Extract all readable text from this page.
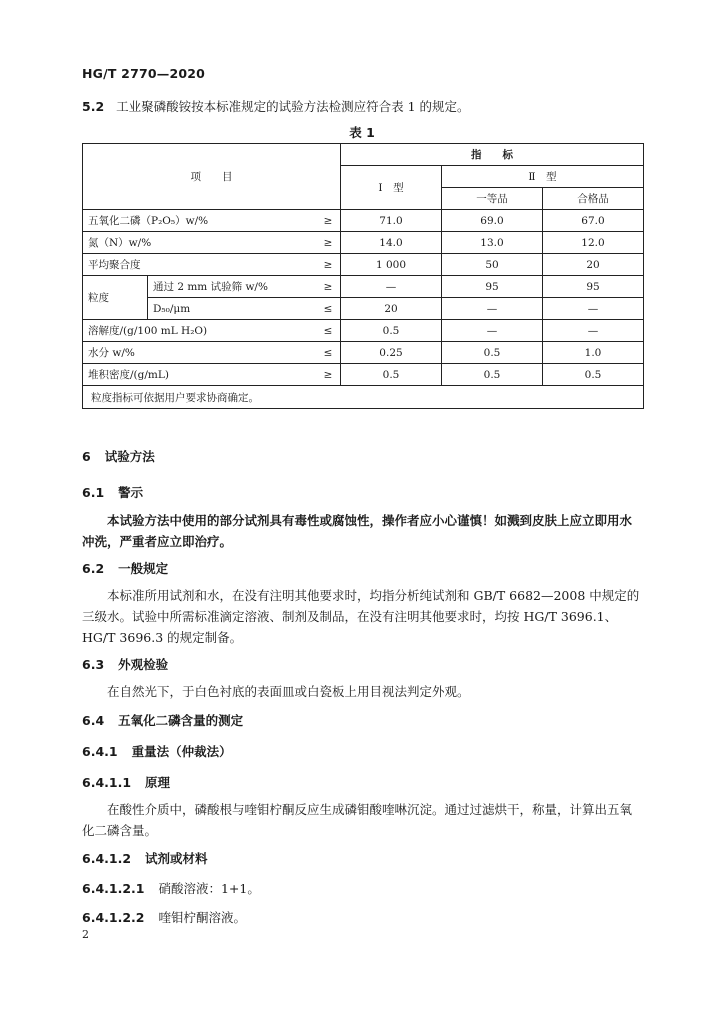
HG/T 2770—2020
5.2 工业聚磷酸铵按本标准规定的试验方法检测应符合表 1 的规定。
表 1
项　　目			指　　标		
			Ⅰ　型	Ⅱ　型	
				一等品	合格品
五氧化二磷（P₂O₅）w/%		≥	71.0	69.0	67.0
氮（N）w/%		≥	14.0	13.0	12.0
平均聚合度		≥	1 000	50	20
粒度	通过 2 mm 试验筛 w/%	≥	—	95	95
	D₅₀/μm	≤	20	—	—
溶解度/(g/100 mL H₂O)		≤	0.5	—	—
水分 w/%		≤	0.25	0.5	1.0
堆积密度/(g/mL)		≥	0.5	0.5	0.5
粒度指标可依据用户要求协商确定。					
6 试验方法
6.1 警示
本试验方法中使用的部分试剂具有毒性或腐蚀性，操作者应小心谨慎！如溅到皮肤上应立即用水冲洗，严重者应立即治疗。
6.2 一般规定
本标准所用试剂和水，在没有注明其他要求时，均指分析纯试剂和 GB/T 6682—2008 中规定的三级水。试验中所需标准滴定溶液、制剂及制品，在没有注明其他要求时，均按 HG/T 3696.1、HG/T 3696.3 的规定制备。
6.3 外观检验
在自然光下，于白色衬底的表面皿或白瓷板上用目视法判定外观。
6.4 五氧化二磷含量的测定
6.4.1 重量法（仲裁法）
6.4.1.1 原理
在酸性介质中，磷酸根与喹钼柠酮反应生成磷钼酸喹啉沉淀。通过过滤烘干，称量，计算出五氧化二磷含量。
6.4.1.2 试剂或材料
6.4.1.2.1 硝酸溶液：1+1。
6.4.1.2.2 喹钼柠酮溶液。
2
